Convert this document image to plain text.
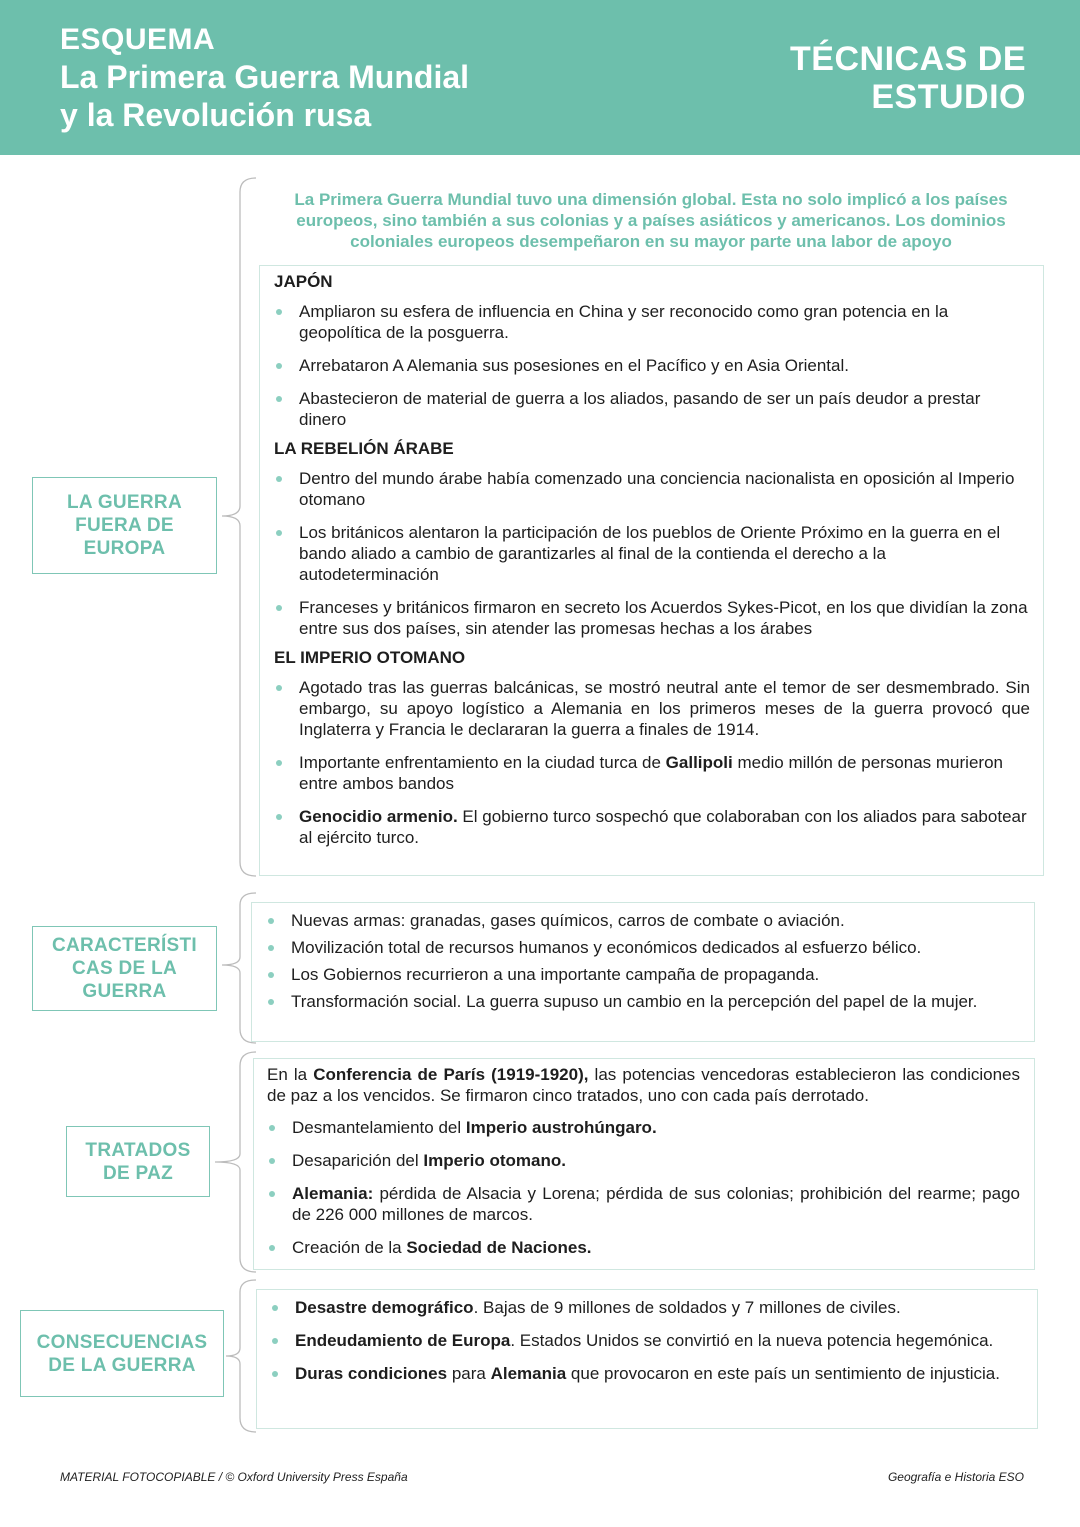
ESQUEMA
La Primera Guerra Mundial
y la Revolución rusa
TÉCNICAS DE
ESTUDIO
LA GUERRA
FUERA DE
EUROPA
La Primera Guerra Mundial tuvo una dimensión global. Esta no solo implicó a los países europeos, sino también a sus colonias y a países asiáticos y americanos. Los dominios coloniales europeos desempeñaron en su mayor parte una labor de apoyo
JAPÓN
Ampliaron su esfera de influencia en China y ser reconocido como gran potencia en la geopolítica de la posguerra.
Arrebataron A Alemania sus posesiones en el Pacífico y en Asia Oriental.
Abastecieron de material de guerra a los aliados, pasando de ser un país deudor a prestar dinero
LA REBELIÓN ÁRABE
Dentro del mundo árabe había comenzado una conciencia nacionalista en oposición al Imperio otomano
Los británicos alentaron la participación de los pueblos de Oriente Próximo en la guerra en el bando aliado a cambio de garantizarles al final de la contienda el derecho a la autodeterminación
Franceses y británicos firmaron en secreto los Acuerdos Sykes-Picot, en los que dividían la zona entre sus dos países, sin atender las promesas hechas a los árabes
EL IMPERIO OTOMANO
Agotado tras las guerras balcánicas, se mostró neutral ante el temor de ser desmembrado. Sin embargo, su apoyo logístico a Alemania en los primeros meses de la guerra provocó que Inglaterra y Francia le declararan la guerra a finales de 1914.
Importante enfrentamiento en la ciudad turca de Gallipoli medio millón de personas murieron entre ambos bandos
Genocidio armenio. El gobierno turco sospechó que colaboraban con los aliados para sabotear al ejército turco.
CARACTERÍSTI
CAS DE LA
GUERRA
Nuevas armas: granadas, gases químicos, carros de combate o aviación.
Movilización total de recursos humanos y económicos dedicados al esfuerzo bélico.
Los Gobiernos recurrieron a una importante campaña de propaganda.
Transformación social. La guerra supuso un cambio en la percepción del papel de la mujer.
TRATADOS
DE PAZ

En la Conferencia de París (1919-1920), las potencias vencedoras establecieron las condiciones de paz a los vencidos. Se firmaron cinco tratados, uno con cada país derrotado.

Desmantelamiento del Imperio austrohúngaro.
Desaparición del Imperio otomano.
Alemania: pérdida de Alsacia y Lorena; pérdida de sus colonias; prohibición del rearme; pago de 226 000 millones de marcos.
Creación de la Sociedad de Naciones.
CONSECUENCIAS
DE LA GUERRA
Desastre demográfico. Bajas de 9 millones de soldados y 7 millones de civiles.
Endeudamiento de Europa. Estados Unidos se convirtió en la nueva potencia hegemónica.
Duras condiciones para Alemania que provocaron en este país un sentimiento de injusticia.
MATERIAL FOTOCOPIABLE / © Oxford University Press España	Geografía e Historia ESO
